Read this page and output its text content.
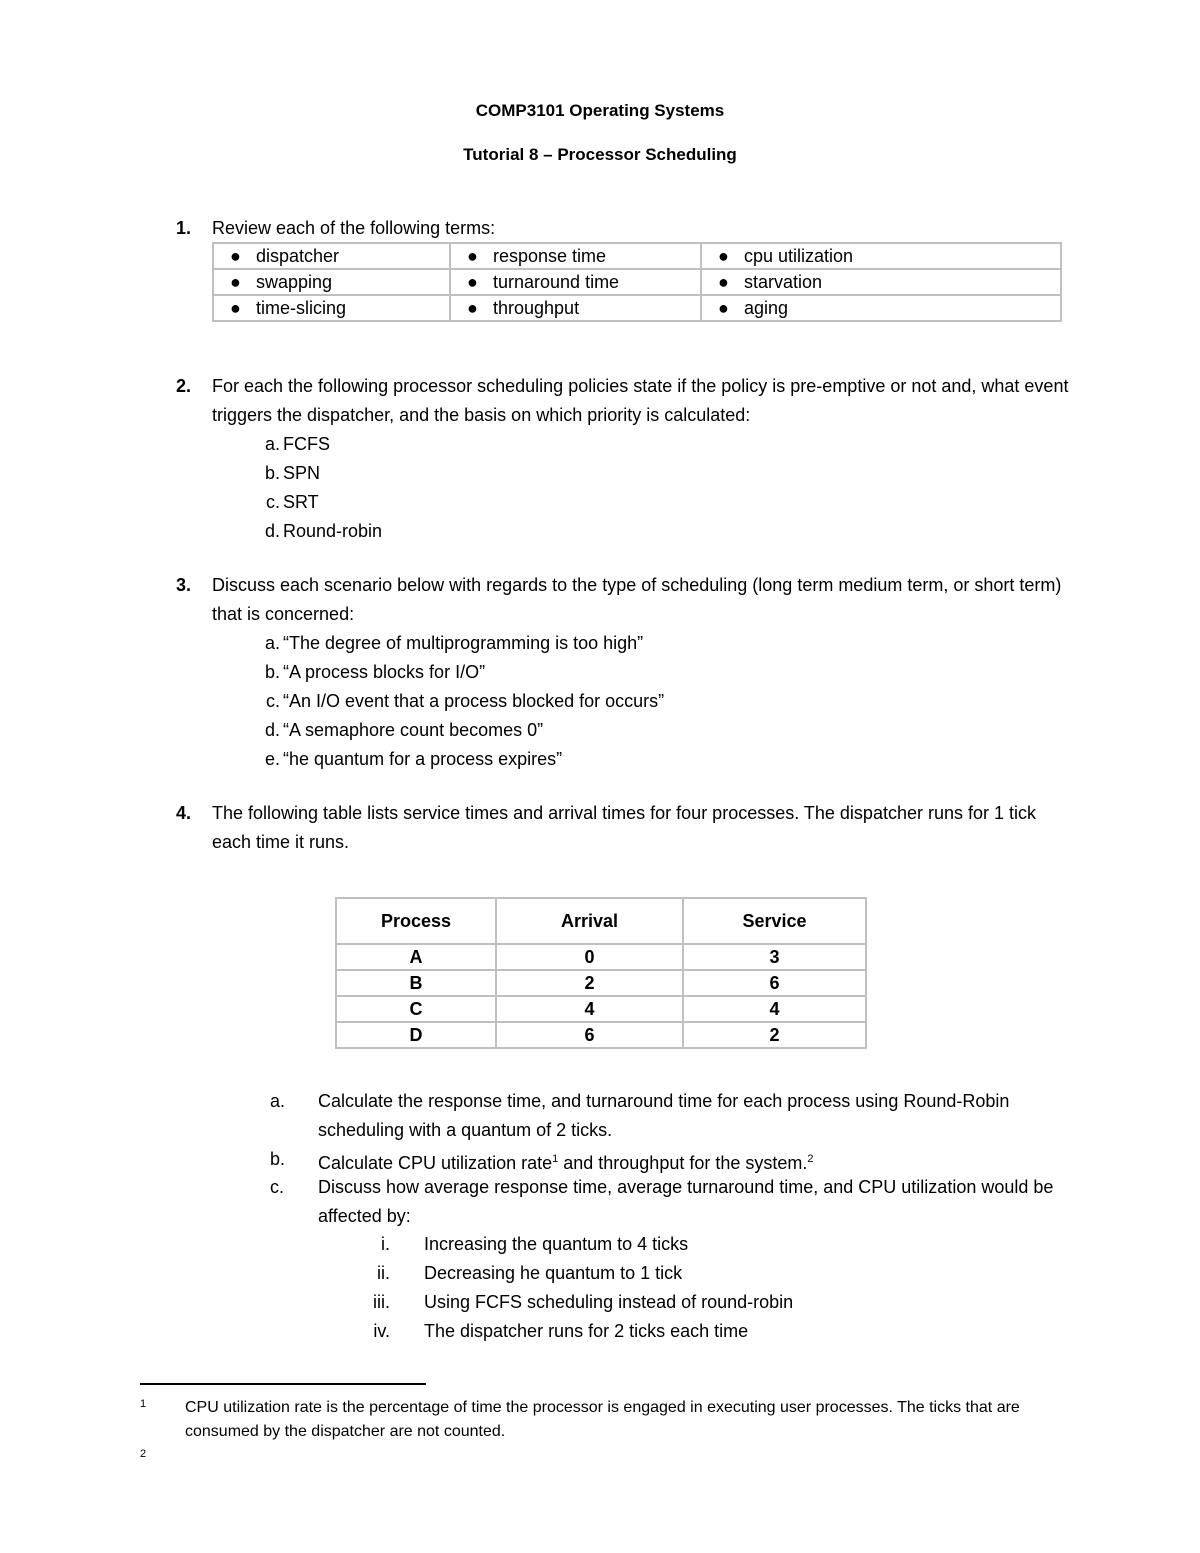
COMP3101 Operating Systems
Tutorial 8 – Processor Scheduling
1. Review each of the following terms:
● dispatcher	● response time	● cpu utilization
● swapping	● turnaround time	● starvation
● time-slicing	● throughput	● aging
2. For each the following processor scheduling policies state if the policy is pre-emptive or not and, what event triggers the dispatcher, and the basis on which priority is calculated:
a. FCFS
b. SPN
c. SRT
d. Round-robin
3. Discuss each scenario below with regards to the type of scheduling (long term medium term, or short term) that is concerned:
a. “The degree of multiprogramming is too high”
b. “A process blocks for I/O”
c. “An I/O event that a process blocked for occurs”
d. “A semaphore count becomes 0”
e. “he quantum for a process expires”
4. The following table lists service times and arrival times for four processes. The dispatcher runs for 1 tick each time it runs.
Process	Arrival	Service
A	0	3
B	2	6
C	4	4
D	6	2
a.	Calculate the response time, and turnaround time for each process using Round-Robin scheduling with a quantum of 2 ticks.
b.	Calculate CPU utilization rate$^1$ and throughput for the system.$^2$
c.	Discuss how average response time, average turnaround time, and CPU utilization would be affected by:
i. Increasing the quantum to 4 ticks
ii. Decreasing he quantum to 1 tick
iii. Using FCFS scheduling instead of round-robin
iv. The dispatcher runs for 2 ticks each time
1 CPU utilization rate is the percentage of time the processor is engaged in executing user processes. The ticks that are consumed by the dispatcher are not counted.
2
